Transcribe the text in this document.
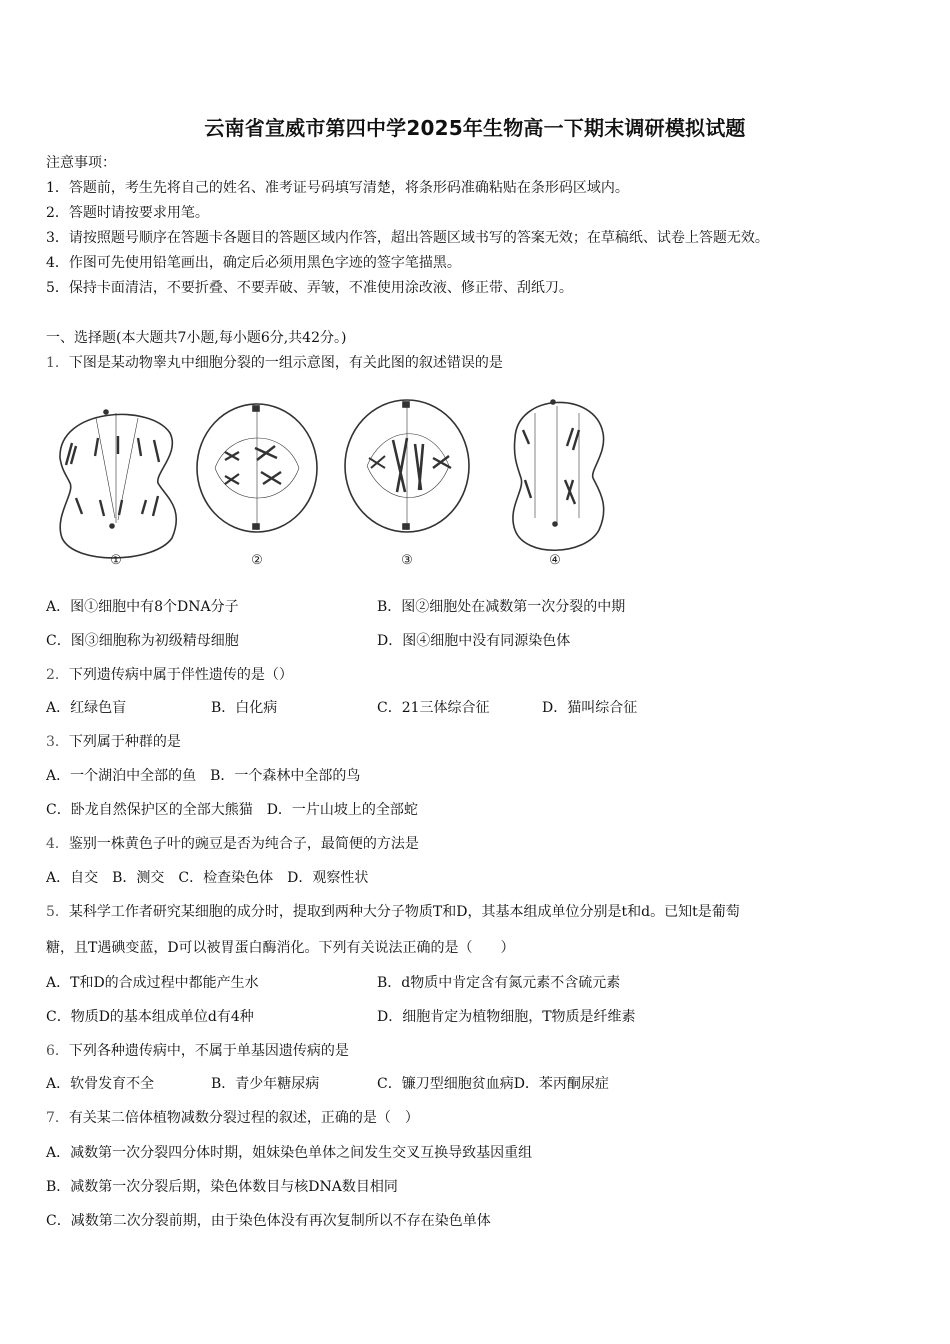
云南省宣威市第四中学2025年生物高一下期末调研模拟试题
注意事项：
1．答题前，考生先将自己的姓名、准考证号码填写清楚，将条形码准确粘贴在条形码区域内。
2．答题时请按要求用笔。
3．请按照题号顺序在答题卡各题目的答题区域内作答，超出答题区域书写的答案无效；在草稿纸、试卷上答题无效。
4．作图可先使用铅笔画出，确定后必须用黑色字迹的签字笔描黑。
5．保持卡面清洁，不要折叠、不要弄破、弄皱，不准使用涂改液、修正带、刮纸刀。
一、选择题(本大题共7小题,每小题6分,共42分。)
1．下图是某动物睾丸中细胞分裂的一组示意图，有关此图的叙述错误的是
①	②	③	④
A．图①细胞中有8个DNA分子	B．图②细胞处在减数第一次分裂的中期
C．图③细胞称为初级精母细胞	D．图④细胞中没有同源染色体
2．下列遗传病中属于伴性遗传的是（）
A．红绿色盲	B．白化病	C．21三体综合征	D．猫叫综合征
3．下列属于种群的是
A．一个湖泊中全部的鱼　B．一个森林中全部的鸟
C．卧龙自然保护区的全部大熊猫　D．一片山坡上的全部蛇
4．鉴别一株黄色子叶的豌豆是否为纯合子，最简便的方法是
A．自交　B．测交　C．检查染色体　D．观察性状
5．某科学工作者研究某细胞的成分时，提取到两种大分子物质T和D，其基本组成单位分别是t和d。已知t是葡萄
糖，且T遇碘变蓝，D可以被胃蛋白酶消化。下列有关说法正确的是（　　）
A．T和D的合成过程中都能产生水	B．d物质中肯定含有氮元素不含硫元素
C．物质D的基本组成单位d有4种	D．细胞肯定为植物细胞，T物质是纤维素
6．下列各种遗传病中，不属于单基因遗传病的是
A．软骨发育不全	B．青少年糖尿病	C．镰刀型细胞贫血病D．苯丙酮尿症
7．有关某二倍体植物减数分裂过程的叙述，正确的是（　）
A．减数第一次分裂四分体时期，姐妹染色单体之间发生交叉互换导致基因重组
B．减数第一次分裂后期，染色体数目与核DNA数目相同
C．减数第二次分裂前期，由于染色体没有再次复制所以不存在染色单体
